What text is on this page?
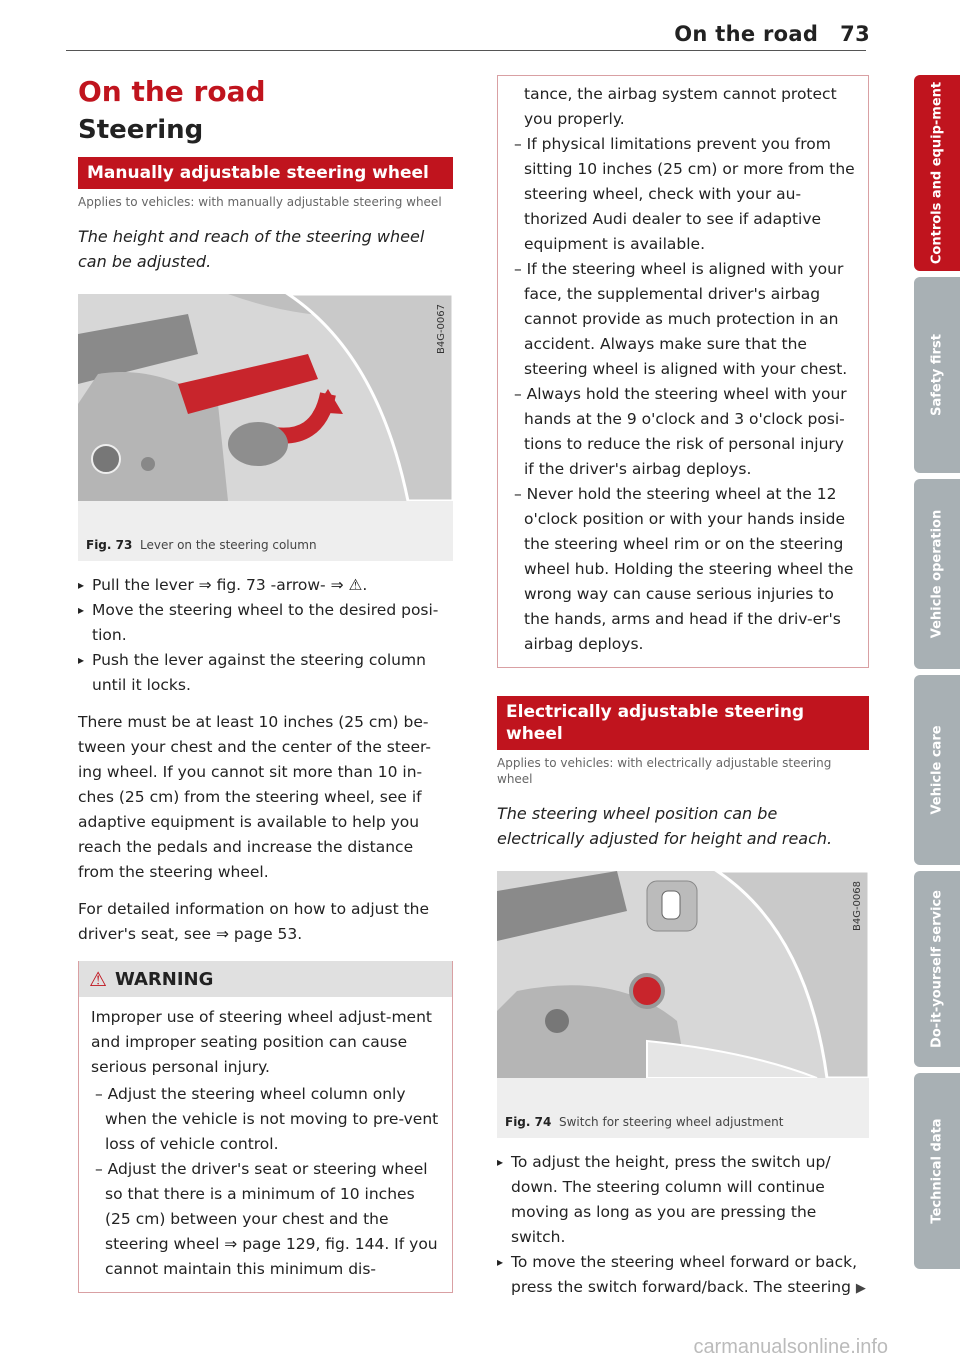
On the road 73
On the road
Steering
Manually adjustable steering wheel
Applies to vehicles: with manually adjustable steering wheel
The height and reach of the steering wheel can be adjusted.
B4G-0067
Fig. 73 Lever on the steering column
▸ Pull the lever ⇒ fig. 73 -arrow- ⇒ ⚠.
▸ Move the steering wheel to the desired posi-tion.
▸ Push the lever against the steering column until it locks.

There must be at least 10 inches (25 cm) be-tween your chest and the center of the steer-ing wheel. If you cannot sit more than 10 in-ches (25 cm) from the steering wheel, see if adaptive equipment is available to help you reach the pedals and increase the distance from the steering wheel.

For detailed information on how to adjust the driver's seat, see ⇒ page 53.

⚠ WARNING

Improper use of steering wheel adjust-ment and improper seating position can cause serious personal injury.

– Adjust the steering wheel column only when the vehicle is not moving to pre-vent loss of vehicle control.

– Adjust the driver's seat or steering wheel so that there is a minimum of 10 inches (25 cm) between your chest and the steering wheel ⇒ page 129, fig. 144. If you cannot maintain this minimum dis-

tance, the airbag system cannot protect you properly.

– If physical limitations prevent you from sitting 10 inches (25 cm) or more from the steering wheel, check with your au-thorized Audi dealer to see if adaptive equipment is available.

– If the steering wheel is aligned with your face, the supplemental driver's airbag cannot provide as much protection in an accident. Always make sure that the steering wheel is aligned with your chest.

– Always hold the steering wheel with your hands at the 9 o'clock and 3 o'clock posi-tions to reduce the risk of personal injury if the driver's airbag deploys.

– Never hold the steering wheel at the 12 o'clock position or with your hands inside the steering wheel rim or on the steering wheel hub. Holding the steering wheel the wrong way can cause serious injuries to the hands, arms and head if the driv-er's airbag deploys.

Electrically adjustable steering wheel
Applies to vehicles: with electrically adjustable steering wheel
The steering wheel position can be electrically adjusted for height and reach.
B4G-0068
Fig. 74 Switch for steering wheel adjustment
▸ To adjust the height, press the switch up/ down. The steering column will continue moving as long as you are pressing the switch.
▸ To move the steering wheel forward or back, press the switch forward/back. The steering ▶
Controls and equip-ment
Safety first
Vehicle operation
Vehicle care
Do-it-yourself service
Technical data
carmanualsonline.info
